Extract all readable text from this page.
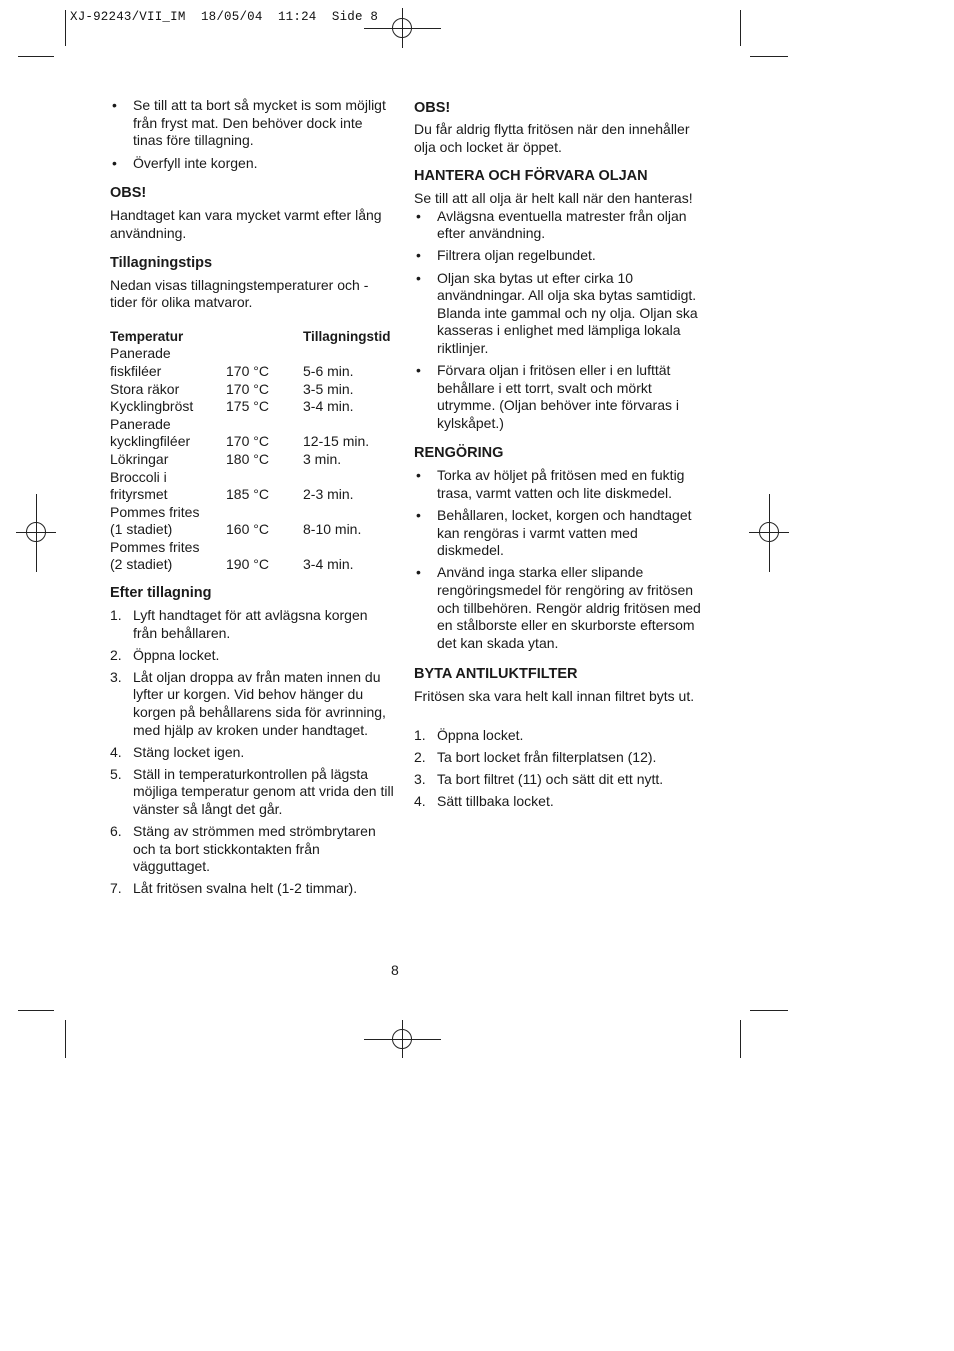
XJ-92243/VII_IM 18/05/04 11:24 Side 8
• Se till att ta bort så mycket is som möjligt från fryst mat. Den behöver dock inte tinas före tillagning.
• Överfyll inte korgen.
OBS!

Handtaget kan vara mycket varmt efter lång användning.

Tillagningstips

Nedan visas tillagningstemperaturer och -tider för olika matvaror.

Temperatur		Tillagningstid
Panerade
fiskfiléer	170 °C	5-6 min.
Stora räkor	170 °C	3-5 min.
Kycklingbröst	175 °C	3-4 min.
Panerade
kycklingfiléer	170 °C	12-15 min.
Lökringar	180 °C	3 min.
Broccoli i
frityrsmet	185 °C	2-3 min.
Pommes frites
(1 stadiet)	160 °C	8-10 min.
Pommes frites
(2 stadiet)	190 °C	3-4 min.
Efter tillagning
1. Lyft handtaget för att avlägsna korgen från behållaren.
2. Öppna locket.
3. Låt oljan droppa av från maten innen du lyfter ur korgen. Vid behov hänger du korgen på behållarens sida för avrinning, med hjälp av kroken under handtaget.
4. Stäng locket igen.
5. Ställ in temperaturkontrollen på lägsta möjliga temperatur genom att vrida den till vänster så långt det går.
6. Stäng av strömmen med strömbrytaren och ta bort stickkontakten från vägguttaget.
7. Låt fritösen svalna helt (1-2 timmar).
OBS!

Du får aldrig flytta fritösen när den innehåller olja och locket är öppet.

HANTERA OCH FÖRVARA OLJAN

Se till att all olja är helt kall när den hanteras!

• Avlägsna eventuella matrester från oljan efter användning.
• Filtrera oljan regelbundet.
• Oljan ska bytas ut efter cirka 10 användningar. All olja ska bytas samtidigt. Blanda inte gammal och ny olja. Oljan ska kasseras i enlighet med lämpliga lokala riktlinjer.
• Förvara oljan i fritösen eller i en lufttät behållare i ett torrt, svalt och mörkt utrymme. (Oljan behöver inte förvaras i kylskåpet.)
RENGÖRING
• Torka av höljet på fritösen med en fuktig trasa, varmt vatten och lite diskmedel.
• Behållaren, locket, korgen och handtaget kan rengöras i varmt vatten med diskmedel.
• Använd inga starka eller slipande rengöringsmedel för rengöring av fritösen och tillbehören. Rengör aldrig fritösen med en stålborste eller en skurborste eftersom det kan skada ytan.
BYTA ANTILUKTFILTER

Fritösen ska vara helt kall innan filtret byts ut.

1. Öppna locket.
2. Ta bort locket från filterplatsen (12).
3. Ta bort filtret (11) och sätt dit ett nytt.
4. Sätt tillbaka locket.
8
